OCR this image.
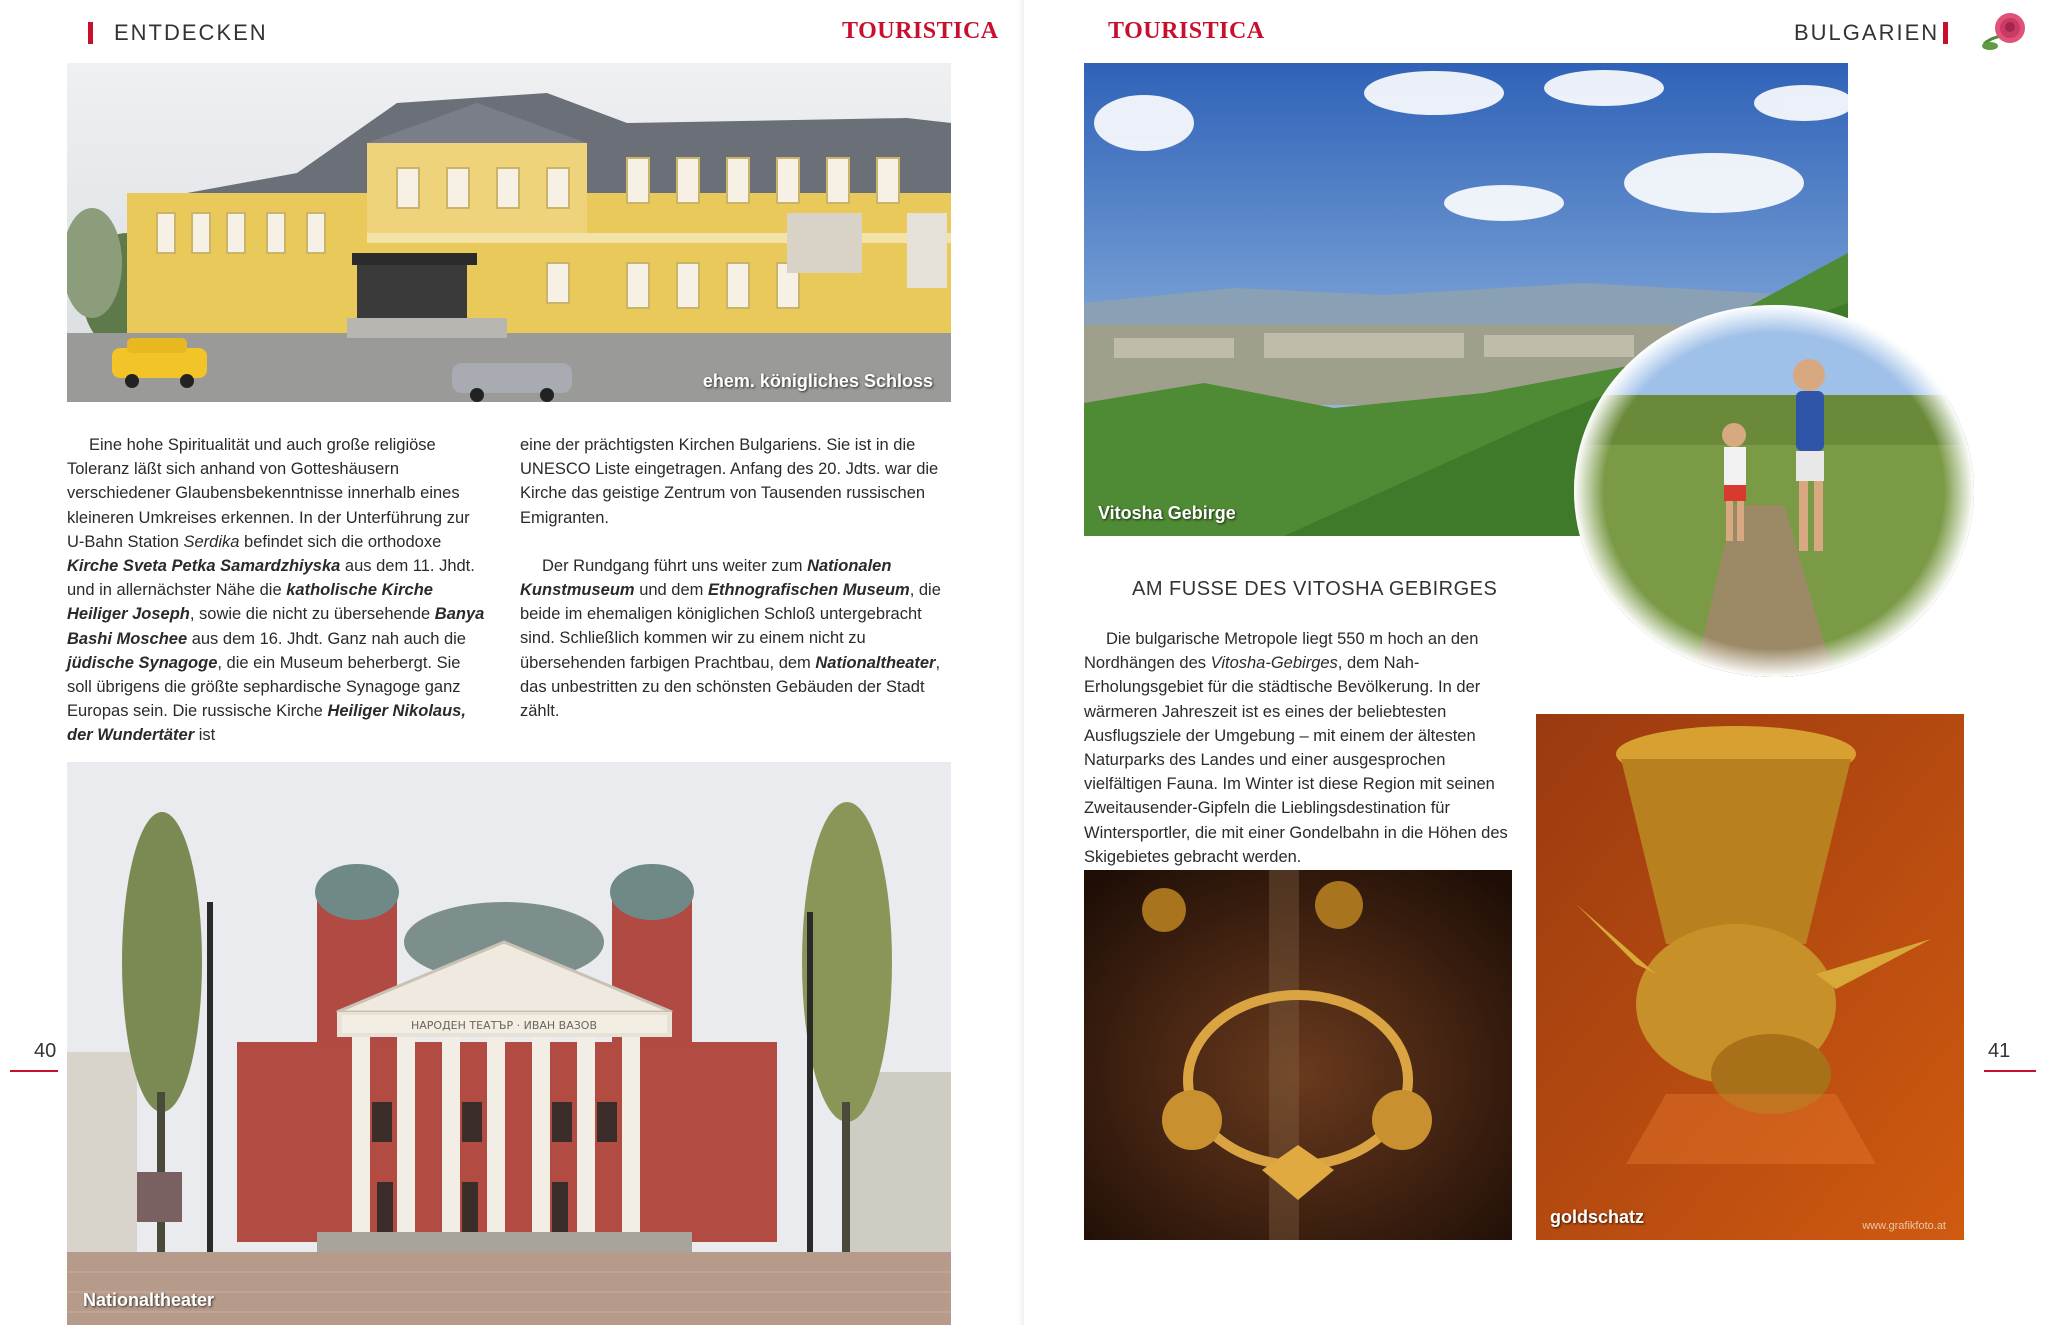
ENTDECKEN	TOURISTICA
ehem. königliches Schloss

Eine hohe Spiritualität und auch große religiöse Toleranz läßt sich anhand von Gotteshäusern verschiedener Glaubensbekenntnisse innerhalb eines kleineren Umkreises erkennen. In der Unterführung zur U-Bahn Station Serdika befindet sich die orthodoxe Kirche Sveta Petka Samardzhiyska aus dem 11. Jhdt. und in allernächster Nähe die katholische Kirche Heiliger Joseph, sowie die nicht zu übersehende Banya Bashi Moschee aus dem 16. Jhdt. Ganz nah auch die jüdische Synagoge, die ein Museum beherbergt. Sie soll übrigens die größte sephardische Synagoge ganz Europas sein. Die russische Kirche Heiliger Nikolaus, der Wundertäter ist

eine der prächtigsten Kirchen Bulgariens. Sie ist in die UNESCO Liste eingetragen. Anfang des 20. Jdts. war die Kirche das geistige Zentrum von Tausenden russischen Emigranten.

Der Rundgang führt uns weiter zum Nationalen Kunstmuseum und dem Ethnografischen Museum, die beide im ehemaligen königlichen Schloß untergebracht sind. Schließlich kommen wir zu einem nicht zu übersehenden farbigen Prachtbau, dem Nationaltheater, das unbestritten zu den schönsten Gebäuden der Stadt zählt.

НАРОДЕН ТЕАТЪР · ИВАН ВАЗОВ
Nationaltheater
40
TOURISTICA	BULGARIEN
Vitosha Gebirge
AM FUSSE DES VITOSHA GEBIRGES

Die bulgarische Metropole liegt 550 m hoch an den Nordhängen des Vitosha-Gebirges, dem Nah-Erholungsgebiet für die städtische Bevölkerung. In der wärmeren Jahreszeit ist es eines der beliebtesten Ausflugsziele der Umgebung – mit einem der ältesten Naturparks des Landes und einer ausgesprochen vielfältigen Fauna. Im Winter ist diese Region mit seinen Zweitausender-Gipfeln die Lieblingsdestination für Wintersportler, die mit einer Gondelbahn in die Höhen des Skigebietes gebracht werden.

goldschatz	www.grafikfoto.at
41
